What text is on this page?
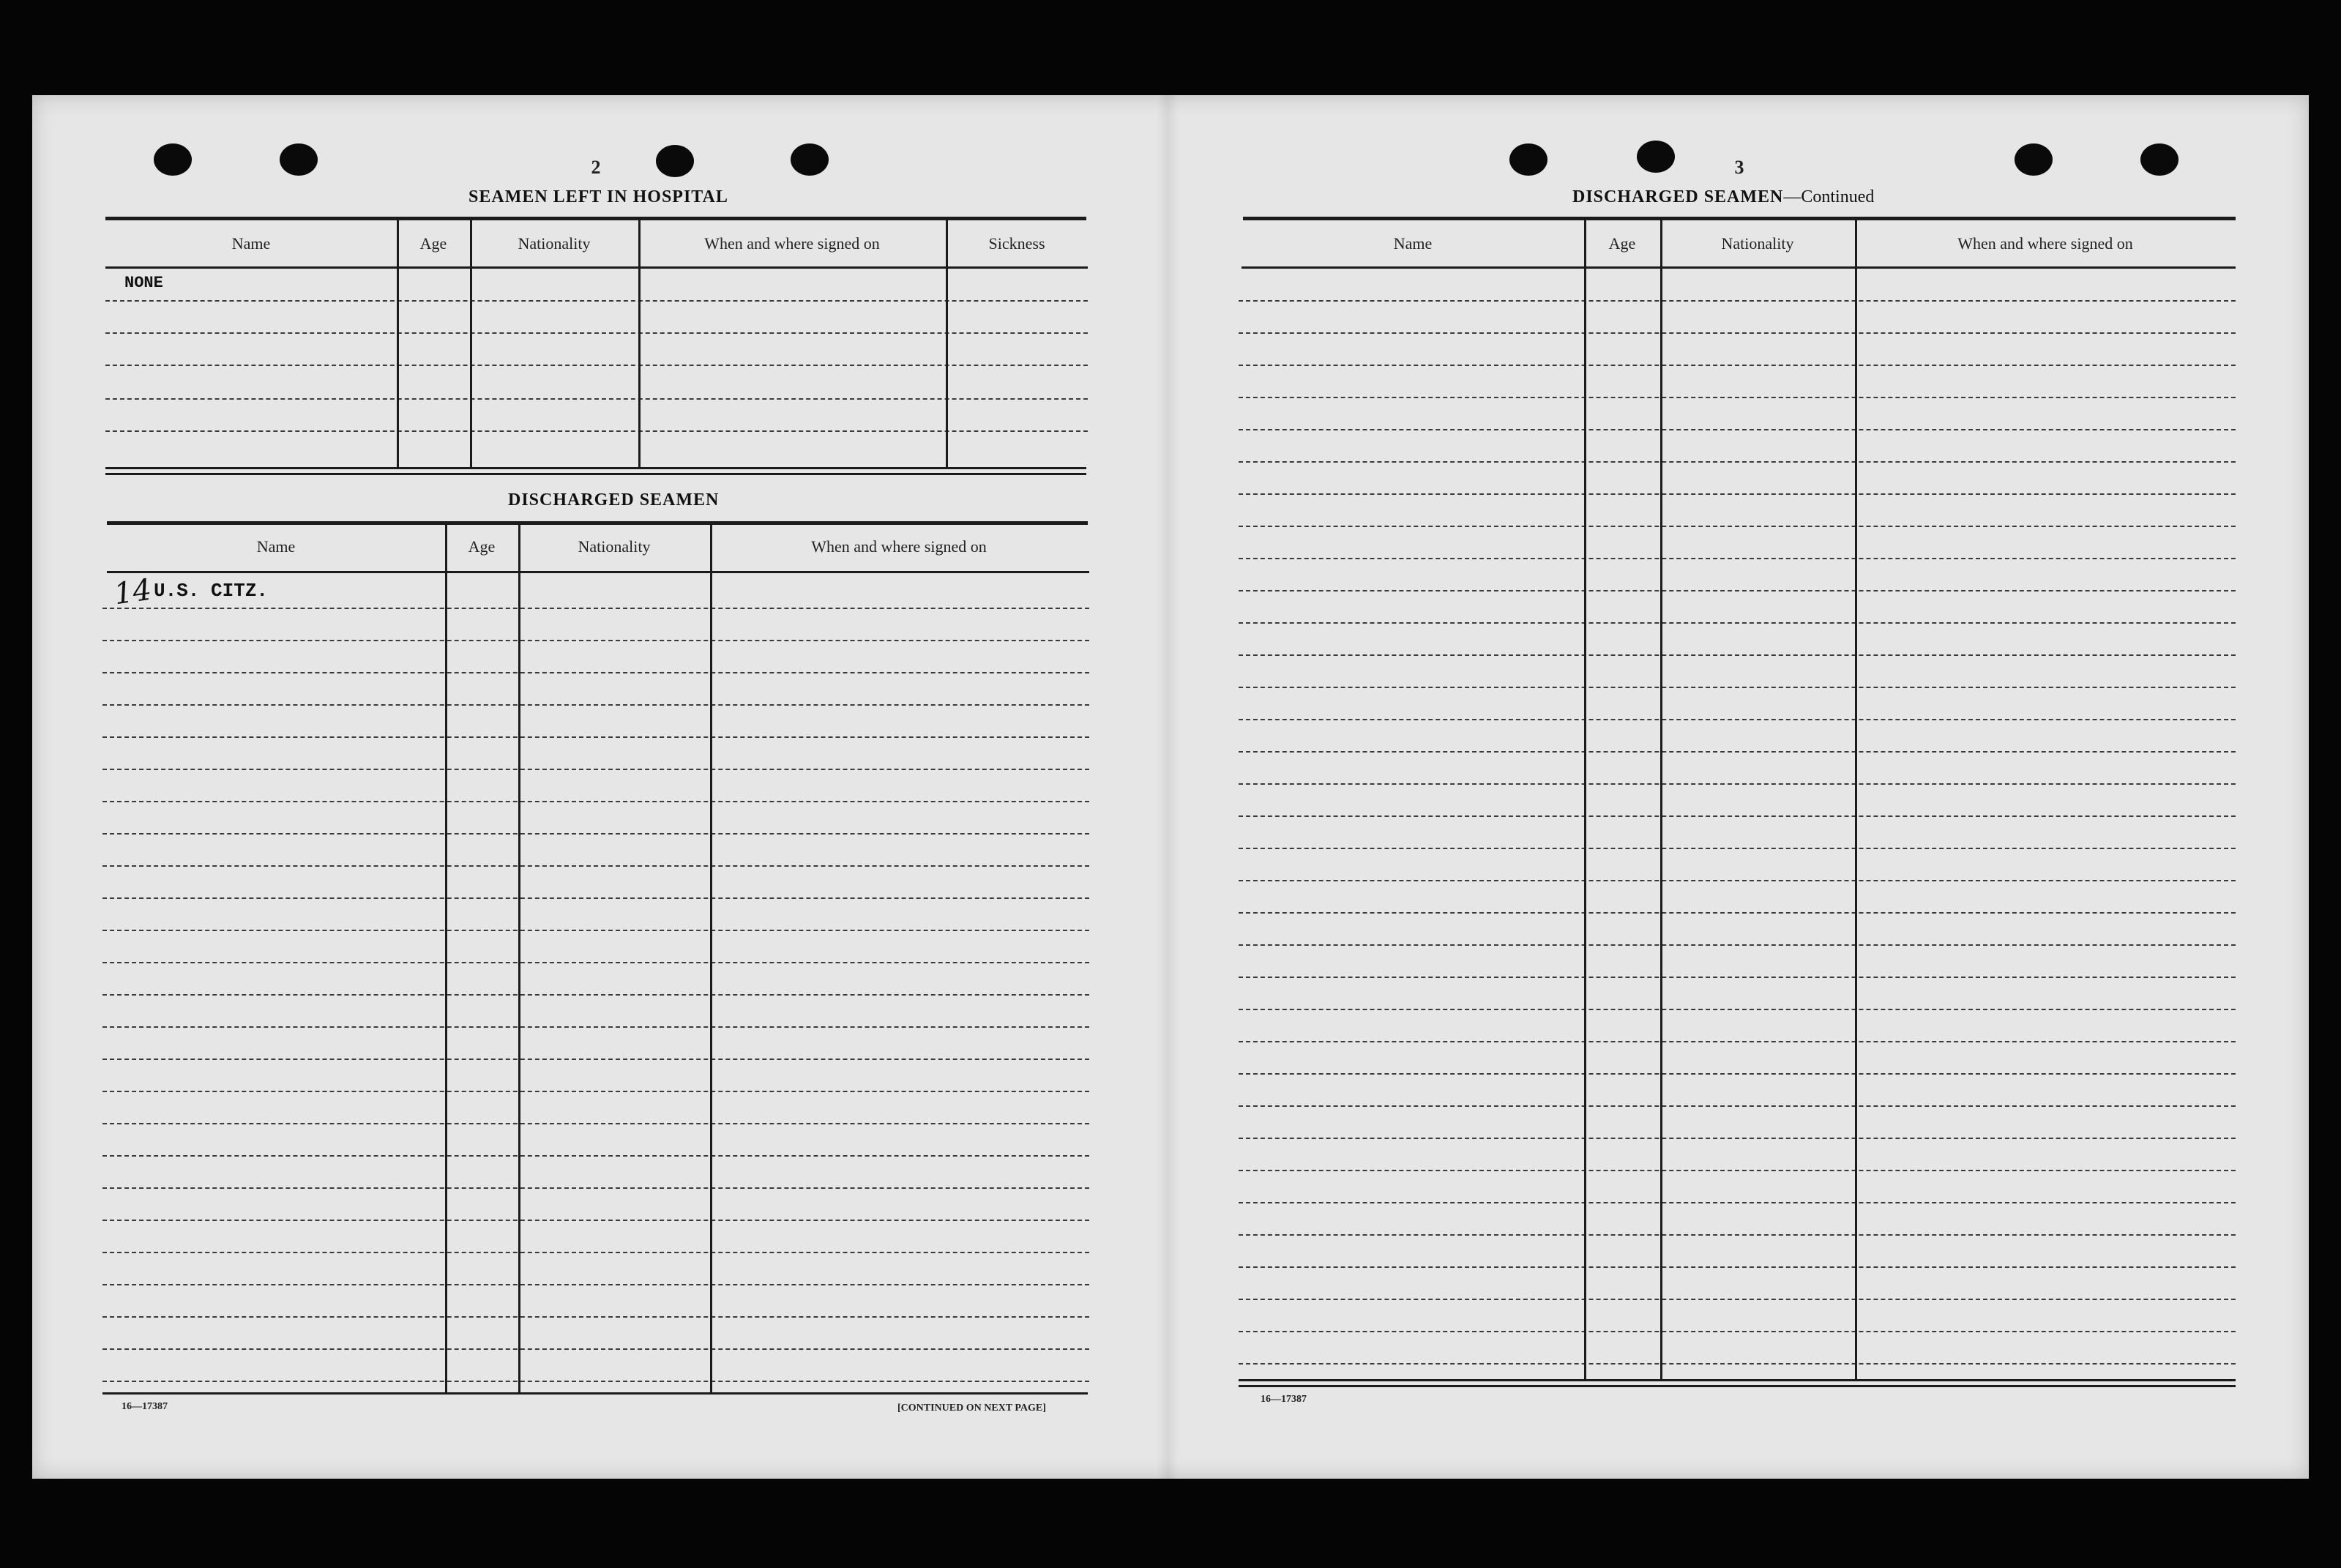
2
SEAMEN LEFT IN HOSPITAL
Name	Age	Nationality	When and where signed on	Sickness
NONE
DISCHARGED SEAMEN
Name	Age	Nationality	When and where signed on
14 U.S. CITZ.
16—17387	[CONTINUED ON NEXT PAGE]
3
DISCHARGED SEAMEN—Continued
Name	Age	Nationality	When and where signed on
16—17387
